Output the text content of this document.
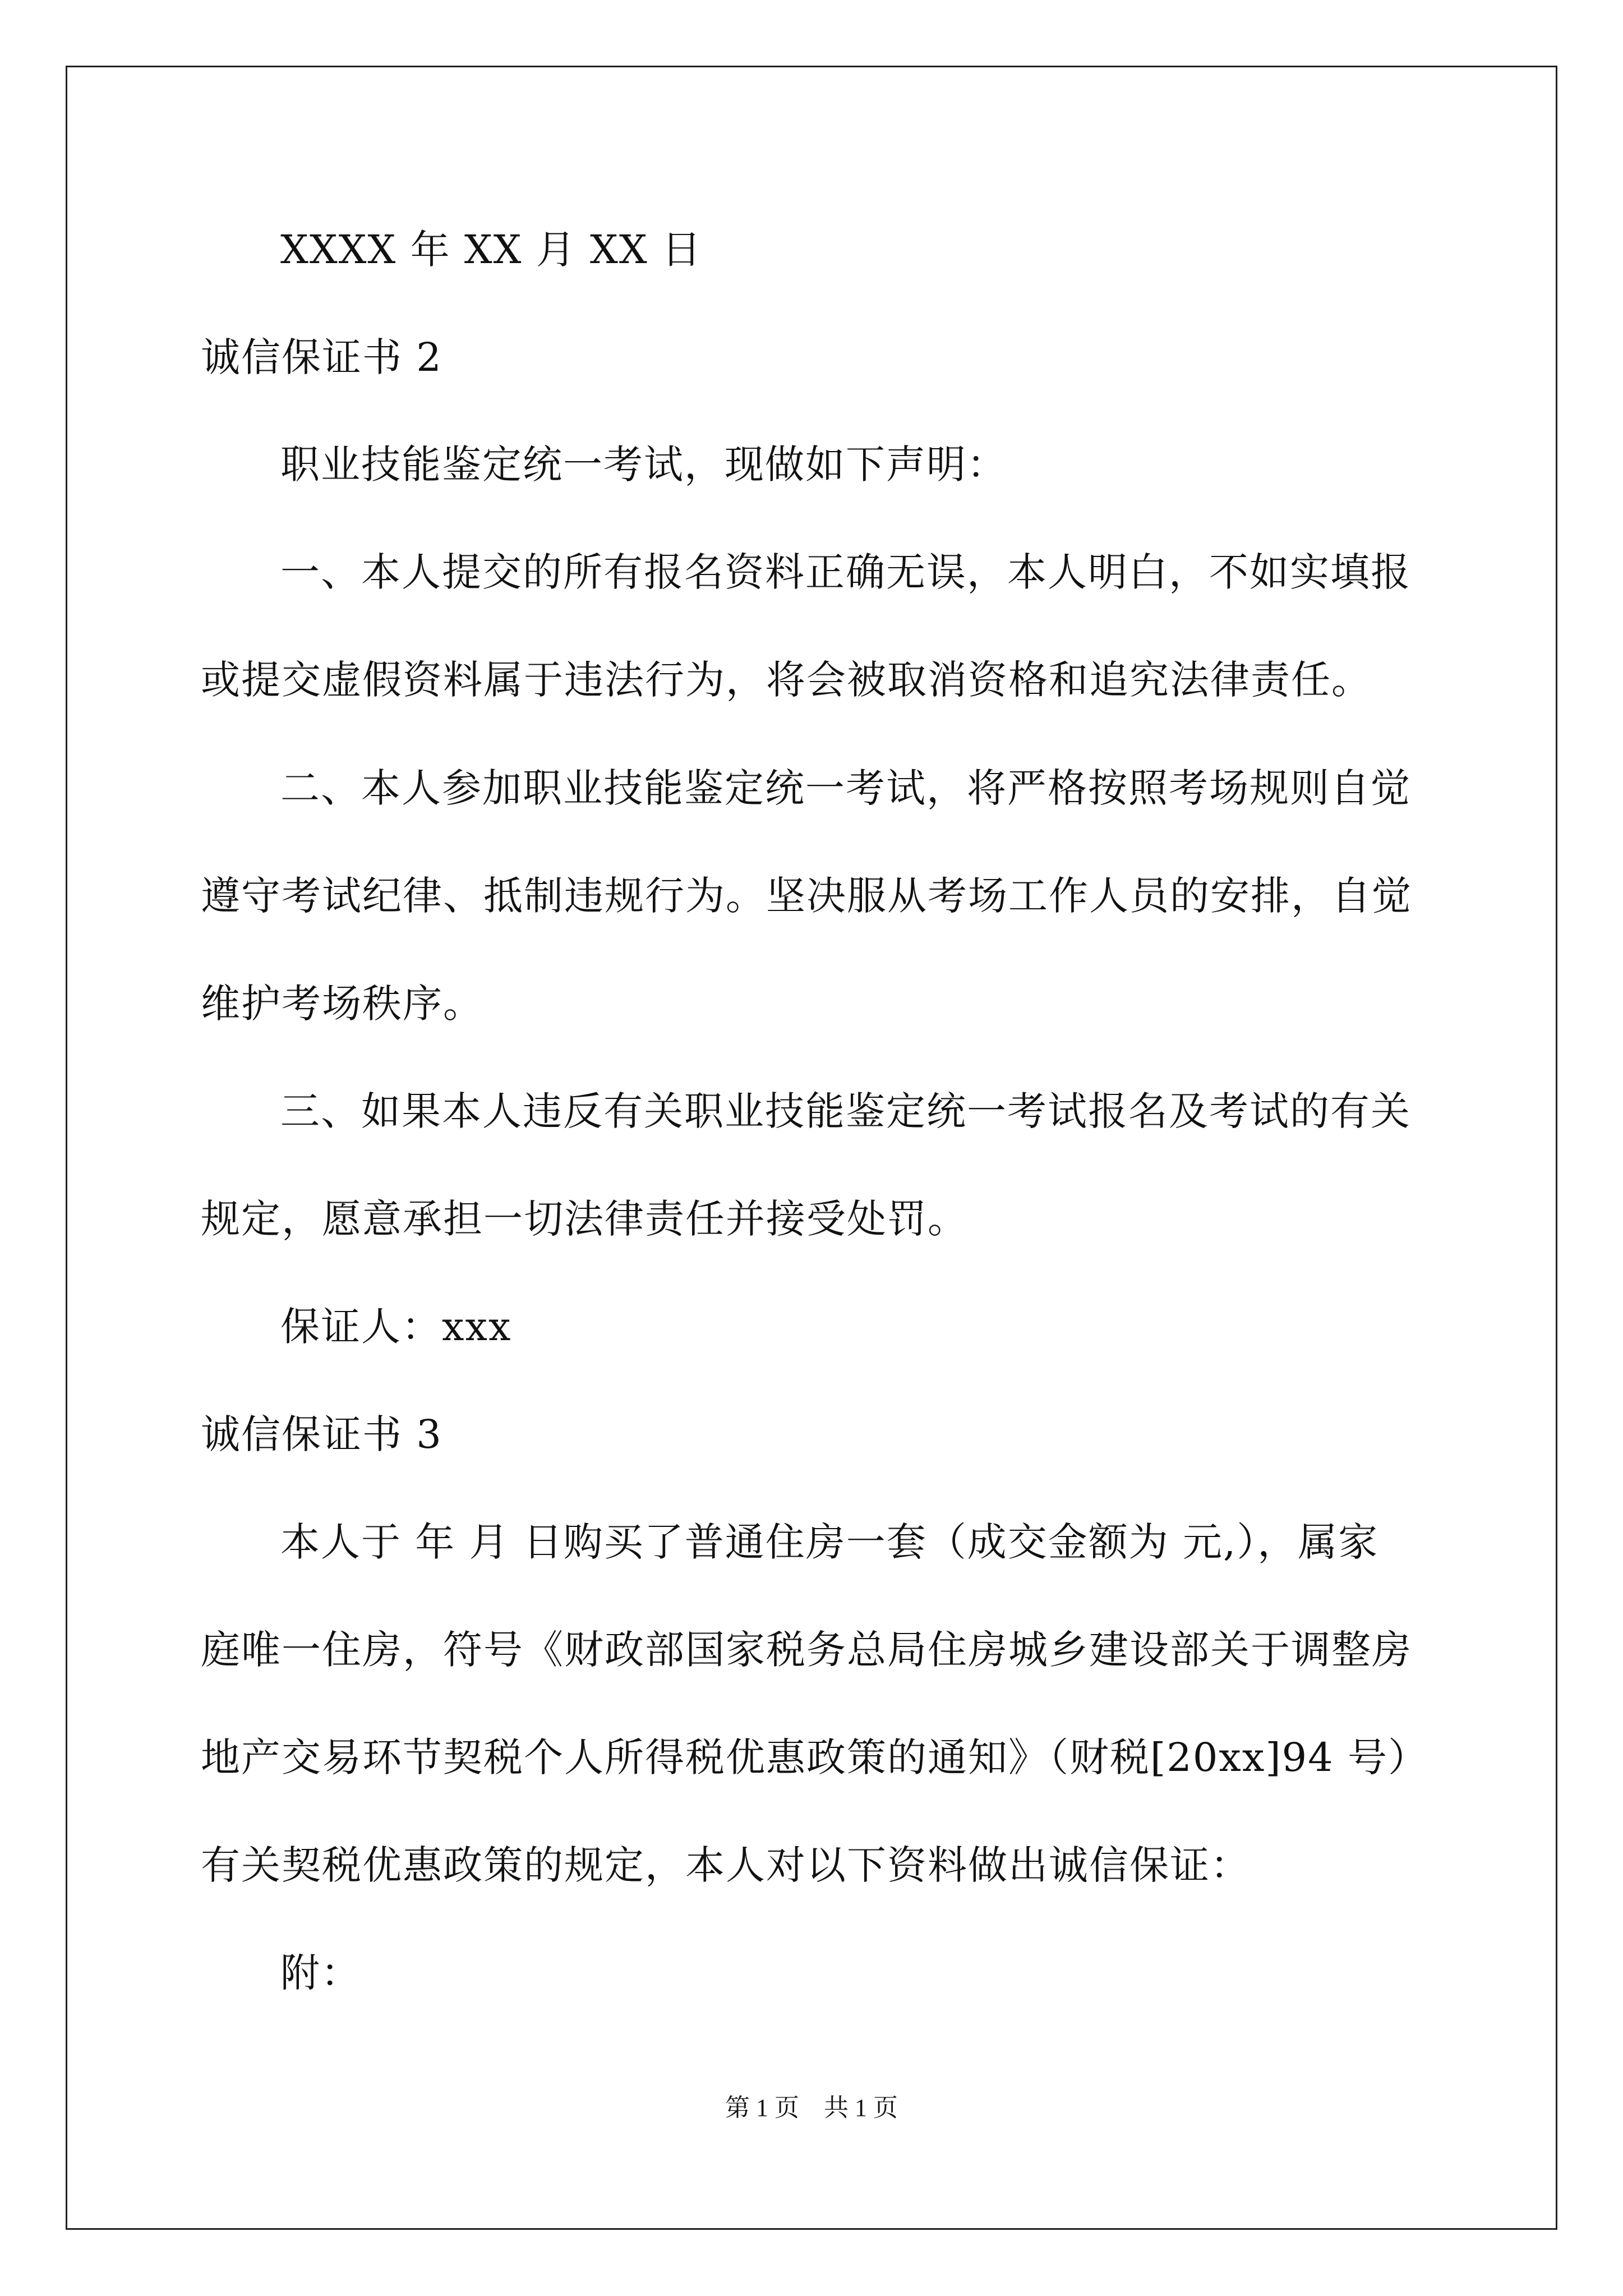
XXXX 年 XX 月 XX 日
诚信保证书 2
职业技能鉴定统一考试，现做如下声明：
一、本人提交的所有报名资料正确无误，本人明白，不如实填报
或提交虚假资料属于违法行为，将会被取消资格和追究法律责任。
二、本人参加职业技能鉴定统一考试，将严格按照考场规则自觉
遵守考试纪律、抵制违规行为。坚决服从考场工作人员的安排，自觉
维护考场秩序。
三、如果本人违反有关职业技能鉴定统一考试报名及考试的有关
规定，愿意承担一切法律责任并接受处罚。
保证人：xxx
诚信保证书 3
本人于 年 月 日购买了普通住房一套（成交金额为 元,），属家
庭唯一住房，符号《财政部国家税务总局住房城乡建设部关于调整房
地产交易环节契税个人所得税优惠政策的通知》（财税[20xx]94 号）
有关契税优惠政策的规定，本人对以下资料做出诚信保证：
附：
第 1 页　共 1 页
